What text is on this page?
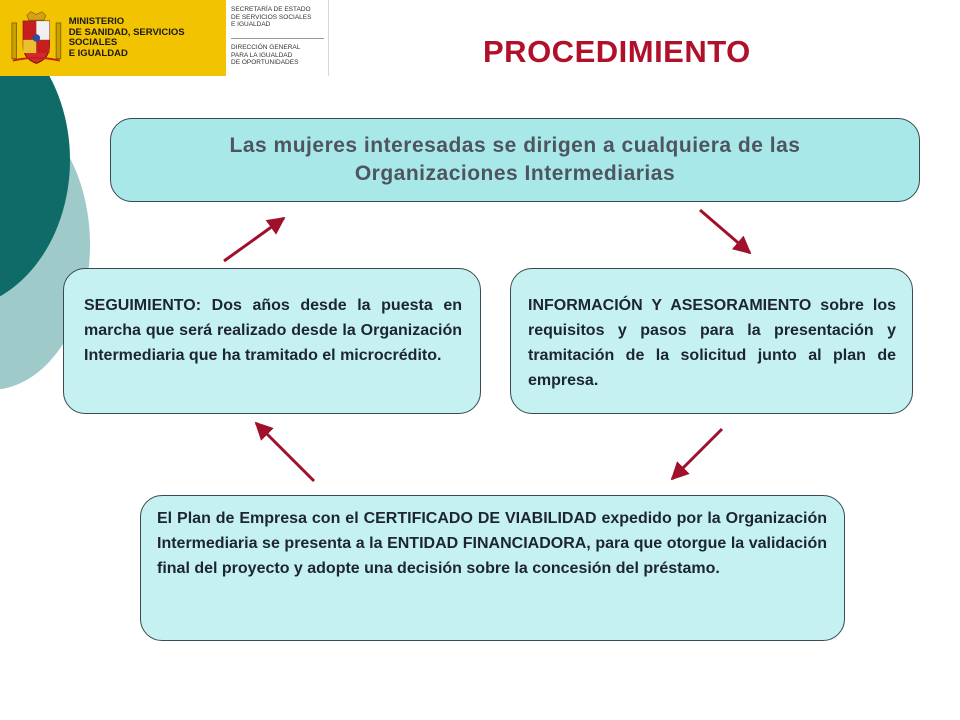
MINISTERIO
DE SANIDAD, SERVICIOS SOCIALES
E IGUALDAD
SECRETARÍA DE ESTADO
DE SERVICIOS SOCIALES
E IGUALDAD
DIRECCIÓN GENERAL
PARA LA IGUALDAD
DE OPORTUNIDADES	PROCEDIMIENTO
Las mujeres interesadas se dirigen a cualquiera de las
Organizaciones Intermediarias

SEGUIMIENTO: Dos años desde la puesta en marcha que será realizado desde la Organización Intermediaria que ha tramitado el microcrédito.

INFORMACIÓN Y ASESORAMIENTO sobre los requisitos y pasos para la presentación y tramitación de la solicitud junto al plan de empresa.

El Plan de Empresa con el CERTIFICADO DE VIABILIDAD expedido por la Organización Intermediaria se presenta a la ENTIDAD FINANCIADORA, para que otorgue la validación final del proyecto y adopte una decisión sobre la concesión del préstamo.
